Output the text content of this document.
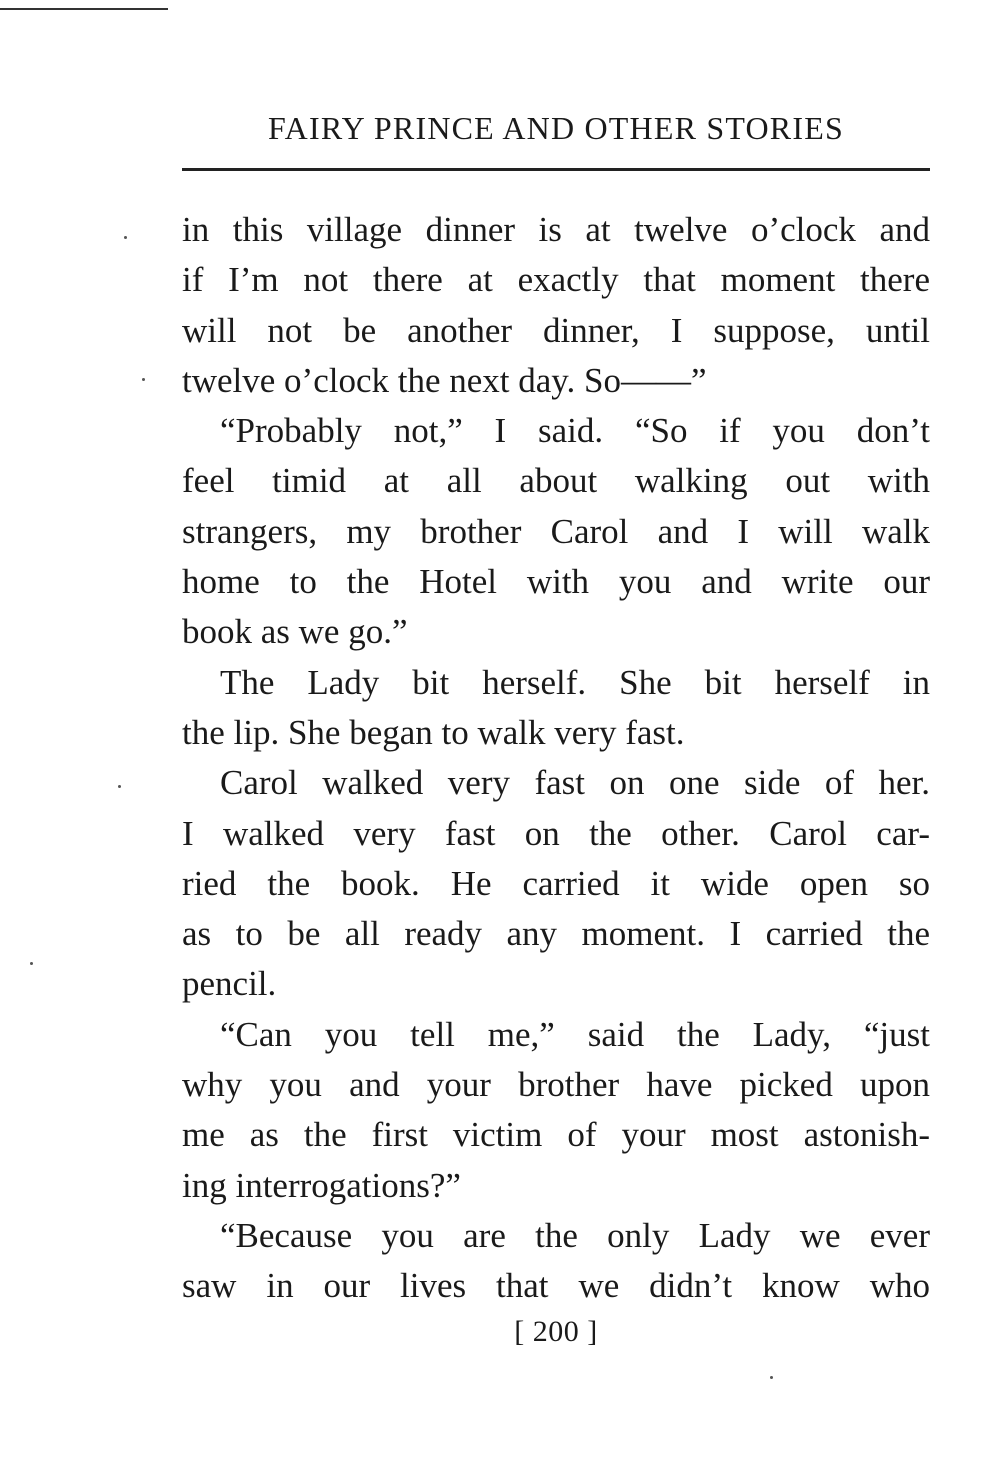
FAIRY PRINCE AND OTHER STORIES
in this village dinner is at twelve o’clock and
if I’m not there at exactly that moment there
will not be another dinner, I suppose, until
twelve o’clock the next day. So——”
“Probably not,” I said. “So if you don’t
feel timid at all about walking out with
strangers, my brother Carol and I will walk
home to the Hotel with you and write our
book as we go.”
The Lady bit herself. She bit herself in
the lip. She began to walk very fast.
Carol walked very fast on one side of her.
I walked very fast on the other. Carol car-
ried the book. He carried it wide open so
as to be all ready any moment. I carried the
pencil.
“Can you tell me,” said the Lady, “just
why you and your brother have picked upon
me as the first victim of your most astonish-
ing interrogations?”
“Because you are the only Lady we ever
saw in our lives that we didn’t know who
[ 200 ]
